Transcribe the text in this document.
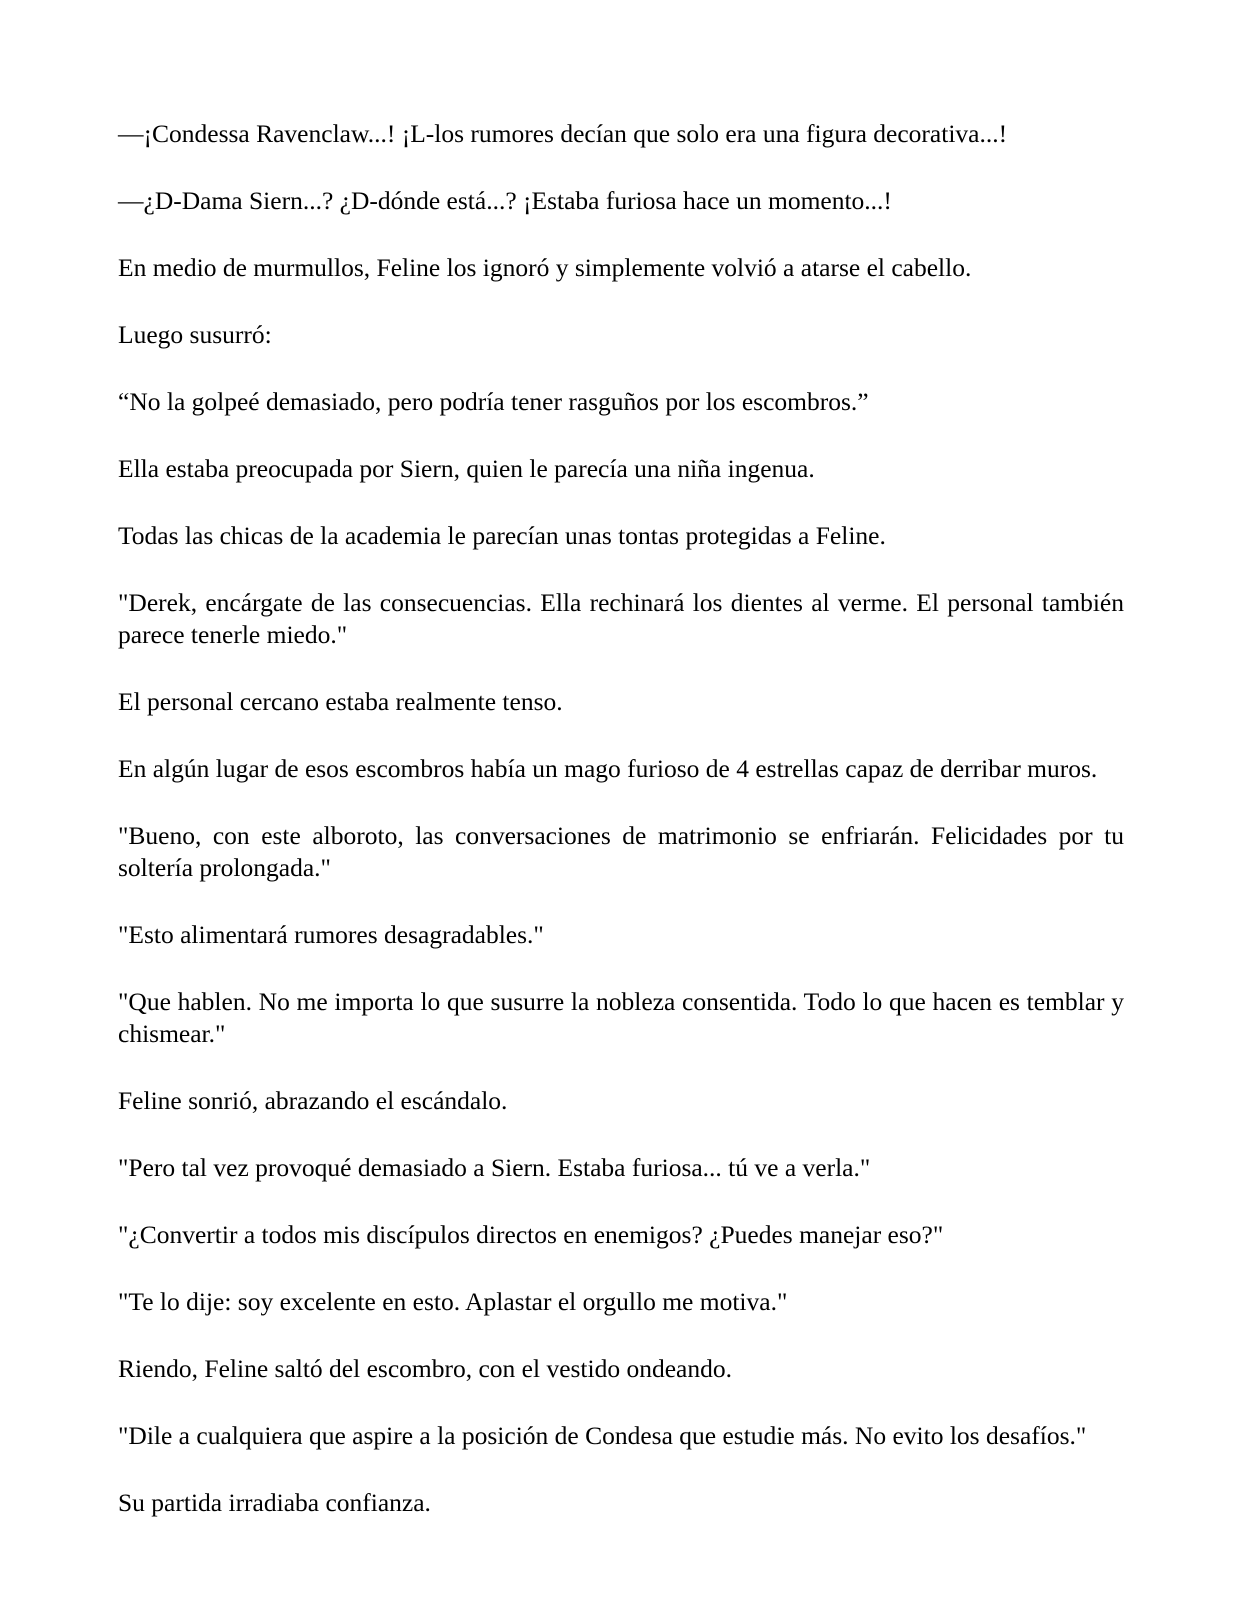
—¡Condessa Ravenclaw...! ¡L-los rumores decían que solo era una figura decorativa...!

—¿D-Dama Siern...? ¿D-dónde está...? ¡Estaba furiosa hace un momento...!

En medio de murmullos, Feline los ignoró y simplemente volvió a atarse el cabello.

Luego susurró:

“No la golpeé demasiado, pero podría tener rasguños por los escombros.”

Ella estaba preocupada por Siern, quien le parecía una niña ingenua.

Todas las chicas de la academia le parecían unas tontas protegidas a Feline.

"Derek, encárgate de las consecuencias. Ella rechinará los dientes al verme. El personal también parece tenerle miedo."

El personal cercano estaba realmente tenso.

En algún lugar de esos escombros había un mago furioso de 4 estrellas capaz de derribar muros.

"Bueno, con este alboroto, las conversaciones de matrimonio se enfriarán. Felicidades por tu soltería prolongada."

"Esto alimentará rumores desagradables."

"Que hablen. No me importa lo que susurre la nobleza consentida. Todo lo que hacen es temblar y chismear."

Feline sonrió, abrazando el escándalo.

"Pero tal vez provoqué demasiado a Siern. Estaba furiosa... tú ve a verla."

"¿Convertir a todos mis discípulos directos en enemigos? ¿Puedes manejar eso?"

"Te lo dije: soy excelente en esto. Aplastar el orgullo me motiva."

Riendo, Feline saltó del escombro, con el vestido ondeando.

"Dile a cualquiera que aspire a la posición de Condesa que estudie más. No evito los desafíos."

Su partida irradiaba confianza.
